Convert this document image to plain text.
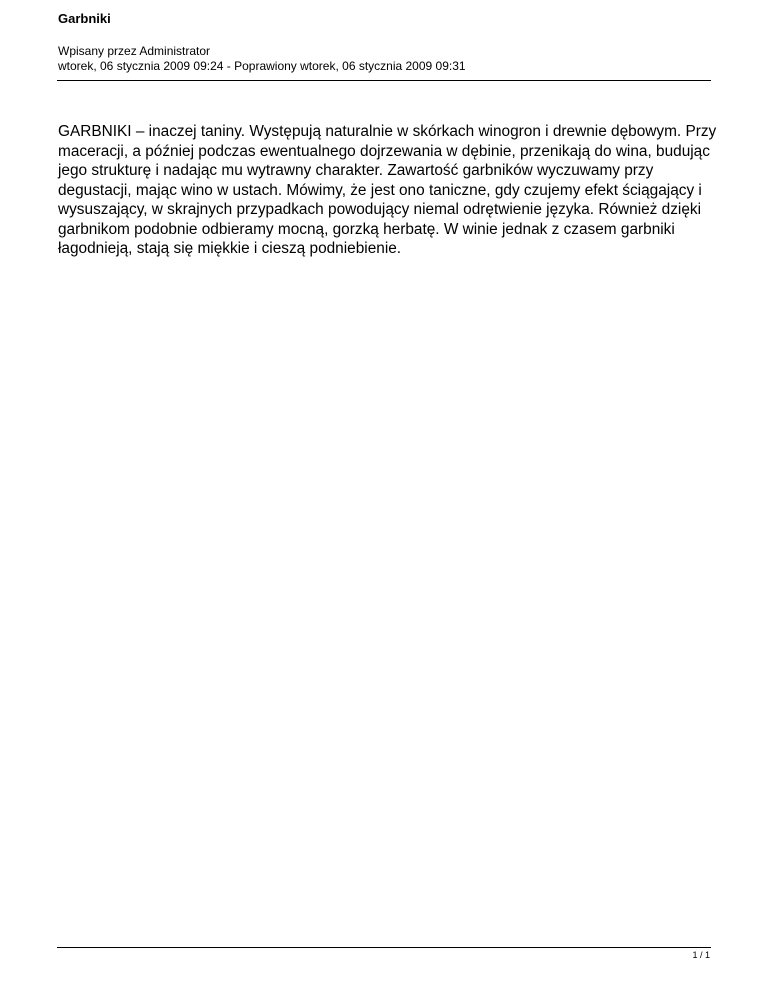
Garbniki
Wpisany przez Administrator
wtorek, 06 stycznia 2009 09:24 - Poprawiony wtorek, 06 stycznia 2009 09:31

GARBNIKI – inaczej taniny. Występują naturalnie w skórkach winogron i drewnie dębowym. Przy maceracji, a później podczas ewentualnego dojrzewania w dębinie, przenikają do wina, budując jego strukturę i nadając mu wytrawny charakter. Zawartość garbników wyczuwamy przy degustacji, mając wino w ustach. Mówimy, że jest ono taniczne, gdy czujemy efekt ściągający i wysuszający, w skrajnych przypadkach powodujący niemal odrętwienie języka. Również dzięki garbnikom podobnie odbieramy mocną, gorzką herbatę. W winie jednak z czasem garbniki łagodnieją, stają się miękkie i cieszą podniebienie.

1 / 1
